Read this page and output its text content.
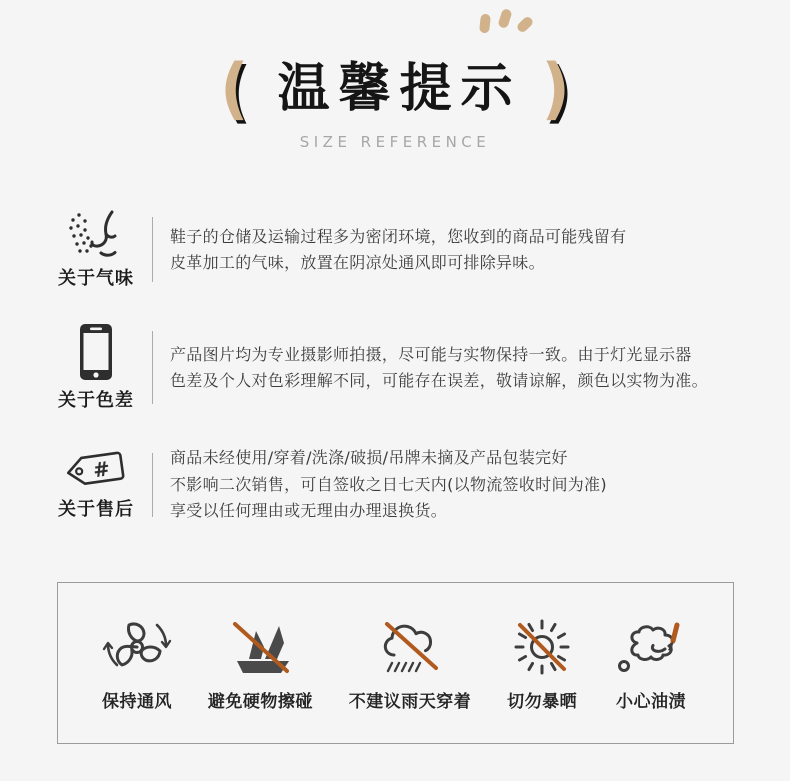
( 温馨提示 )
SIZE REFERENCE
关于气味
鞋子的仓储及运输过程多为密闭环境，您收到的商品可能残留有
皮革加工的气味，放置在阴凉处通风即可排除异味。
关于色差
产品图片均为专业摄影师拍摄，尽可能与实物保持一致。由于灯光显示器
色差及个人对色彩理解不同，可能存在误差，敬请谅解，颜色以实物为准。
#
关于售后
商品未经使用/穿着/洗涤/破损/吊牌未摘及产品包装完好
不影响二次销售，可自签收之日七天内(以物流签收时间为准)
享受以任何理由或无理由办理退换货。
保持通风 避免硬物擦碰 不建议雨天穿着 切勿暴晒 小心油渍
